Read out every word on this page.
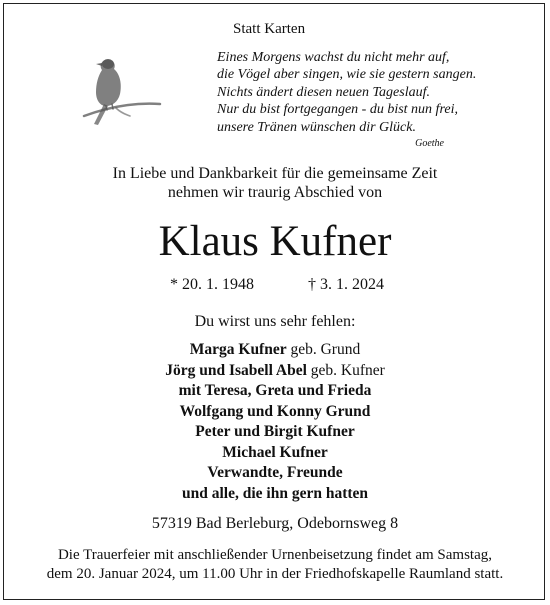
Statt Karten
Eines Morgens wachst du nicht mehr auf,
die Vögel aber singen, wie sie gestern sangen.
Nichts ändert diesen neuen Tageslauf.
Nur du bist fortgegangen - du bist nun frei,
unsere Tränen wünschen dir Glück.
Goethe
In Liebe und Dankbarkeit für die gemeinsame Zeit
nehmen wir traurig Abschied von
Klaus Kufner
* 20. 1. 1948	† 3. 1. 2024
Du wirst uns sehr fehlen:
Marga Kufner geb. Grund
Jörg und Isabell Abel geb. Kufner
mit Teresa, Greta und Frieda
Wolfgang und Konny Grund
Peter und Birgit Kufner
Michael Kufner
Verwandte, Freunde
und alle, die ihn gern hatten
57319 Bad Berleburg, Odebornsweg 8
Die Trauerfeier mit anschließender Urnenbeisetzung findet am Samstag,
dem 20. Januar 2024, um 11.00 Uhr in der Friedhofskapelle Raumland statt.
